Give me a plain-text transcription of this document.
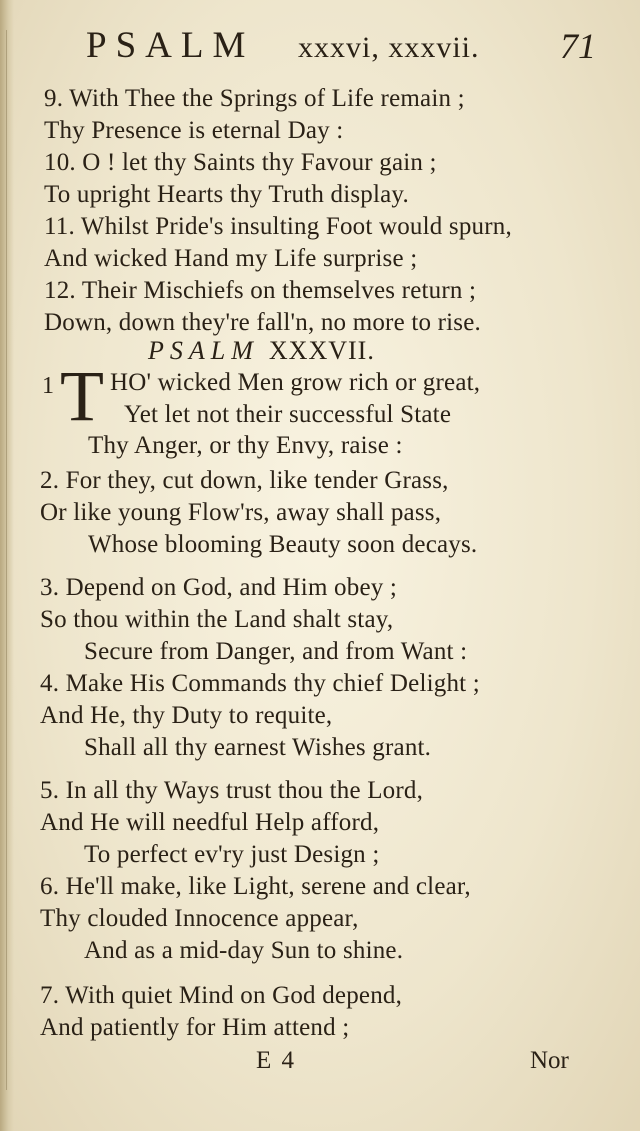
PSALM xxxvi, xxxvii. 71
9. With Thee the Springs of Life remain ;
Thy Presence is eternal Day :
10. O ! let thy Saints thy Favour gain ;
To upright Hearts thy Truth display.
11. Whilst Pride's insulting Foot would spurn,
And wicked Hand my Life surprise ;
12. Their Mischiefs on themselves return ;
Down, down they're fall'n, no more to rise.
PSALM XXXVII.
1 T HO' wicked Men grow rich or great,
Yet let not their successful State
Thy Anger, or thy Envy, raise :
2. For they, cut down, like tender Grass,
Or like young Flow'rs, away shall pass,
Whose blooming Beauty soon decays.
3. Depend on God, and Him obey ;
So thou within the Land shalt stay,
Secure from Danger, and from Want :
4. Make His Commands thy chief Delight ;
And He, thy Duty to requite,
Shall all thy earnest Wishes grant.
5. In all thy Ways trust thou the Lord,
And He will needful Help afford,
To perfect ev'ry just Design ;
6. He'll make, like Light, serene and clear,
Thy clouded Innocence appear,
And as a mid-day Sun to shine.
7. With quiet Mind on God depend,
And patiently for Him attend ;
E 4	Nor
